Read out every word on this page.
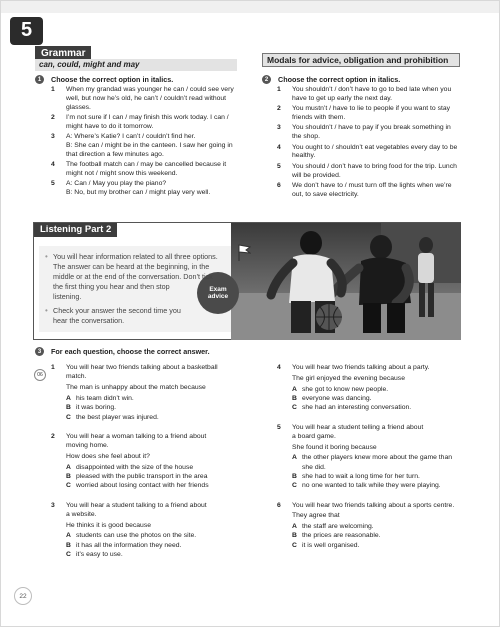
5
Grammar
can, could, might and may
1	Choose the correct option in italics.
1 When my grandad was younger he can / could see very
well, but now he’s old, he can’t / couldn’t read without
glasses.
2 I’m not sure if I can / may finish this work today. I can /
might have to do it tomorrow.
3 A: Where’s Katie? I can’t / couldn’t find her.
B: She can / might be in the canteen. I saw her going in
that direction a few minutes ago.
4 The football match can / may be cancelled because it
might not / might snow this weekend.
5 A: Can / May you play the piano?
B: No, but my brother can / might play very well.
Modals for advice, obligation and prohibition
2	Choose the correct option in italics.
1 You shouldn’t / don’t have to go to bed late when you
have to get up early the next day.
2 You mustn’t / have to lie to people if you want to stay
friends with them.
3 You shouldn’t / have to pay if you break something in
the shop.
4 You ought to / shouldn’t eat vegetables every day to be
healthy.
5 You should / don’t have to bring food for the trip. Lunch
will be provided.
6 We don’t have to / must turn off the lights when we’re
out, to save electricity.
Listening Part 2
• You will hear information related to all three options.
The answer can be heard at the beginning, in the
middle or at the end of the conversation. Don’t tick
the first thing you hear and then stop
listening.
• Check your answer the second time you
hear the conversation.
Exam
advice
3	For each question, choose the correct answer.
06
1 You will hear two friends talking about a basketball
match.
The man is unhappy about the match because
A his team didn’t win.
B it was boring.
C the best player was injured.
2 You will hear a woman talking to a friend about
moving home.
How does she feel about it?
A disappointed with the size of the house
B pleased with the public transport in the area
C worried about losing contact with her friends
3 You will hear a student talking to a friend about
a website.
He thinks it is good because
A students can use the photos on the site.
B it has all the information they need.
C it’s easy to use.
4 You will hear two friends talking about a party.
The girl enjoyed the evening because
A she got to know new people.
B everyone was dancing.
C she had an interesting conversation.
5 You will hear a student telling a friend about
a board game.
She found it boring because
A the other players knew more about the game than
she did.
B she had to wait a long time for her turn.
C no one wanted to talk while they were playing.
6 You will hear two friends talking about a sports centre.
They agree that
A the staff are welcoming.
B the prices are reasonable.
C it is well organised.
22
